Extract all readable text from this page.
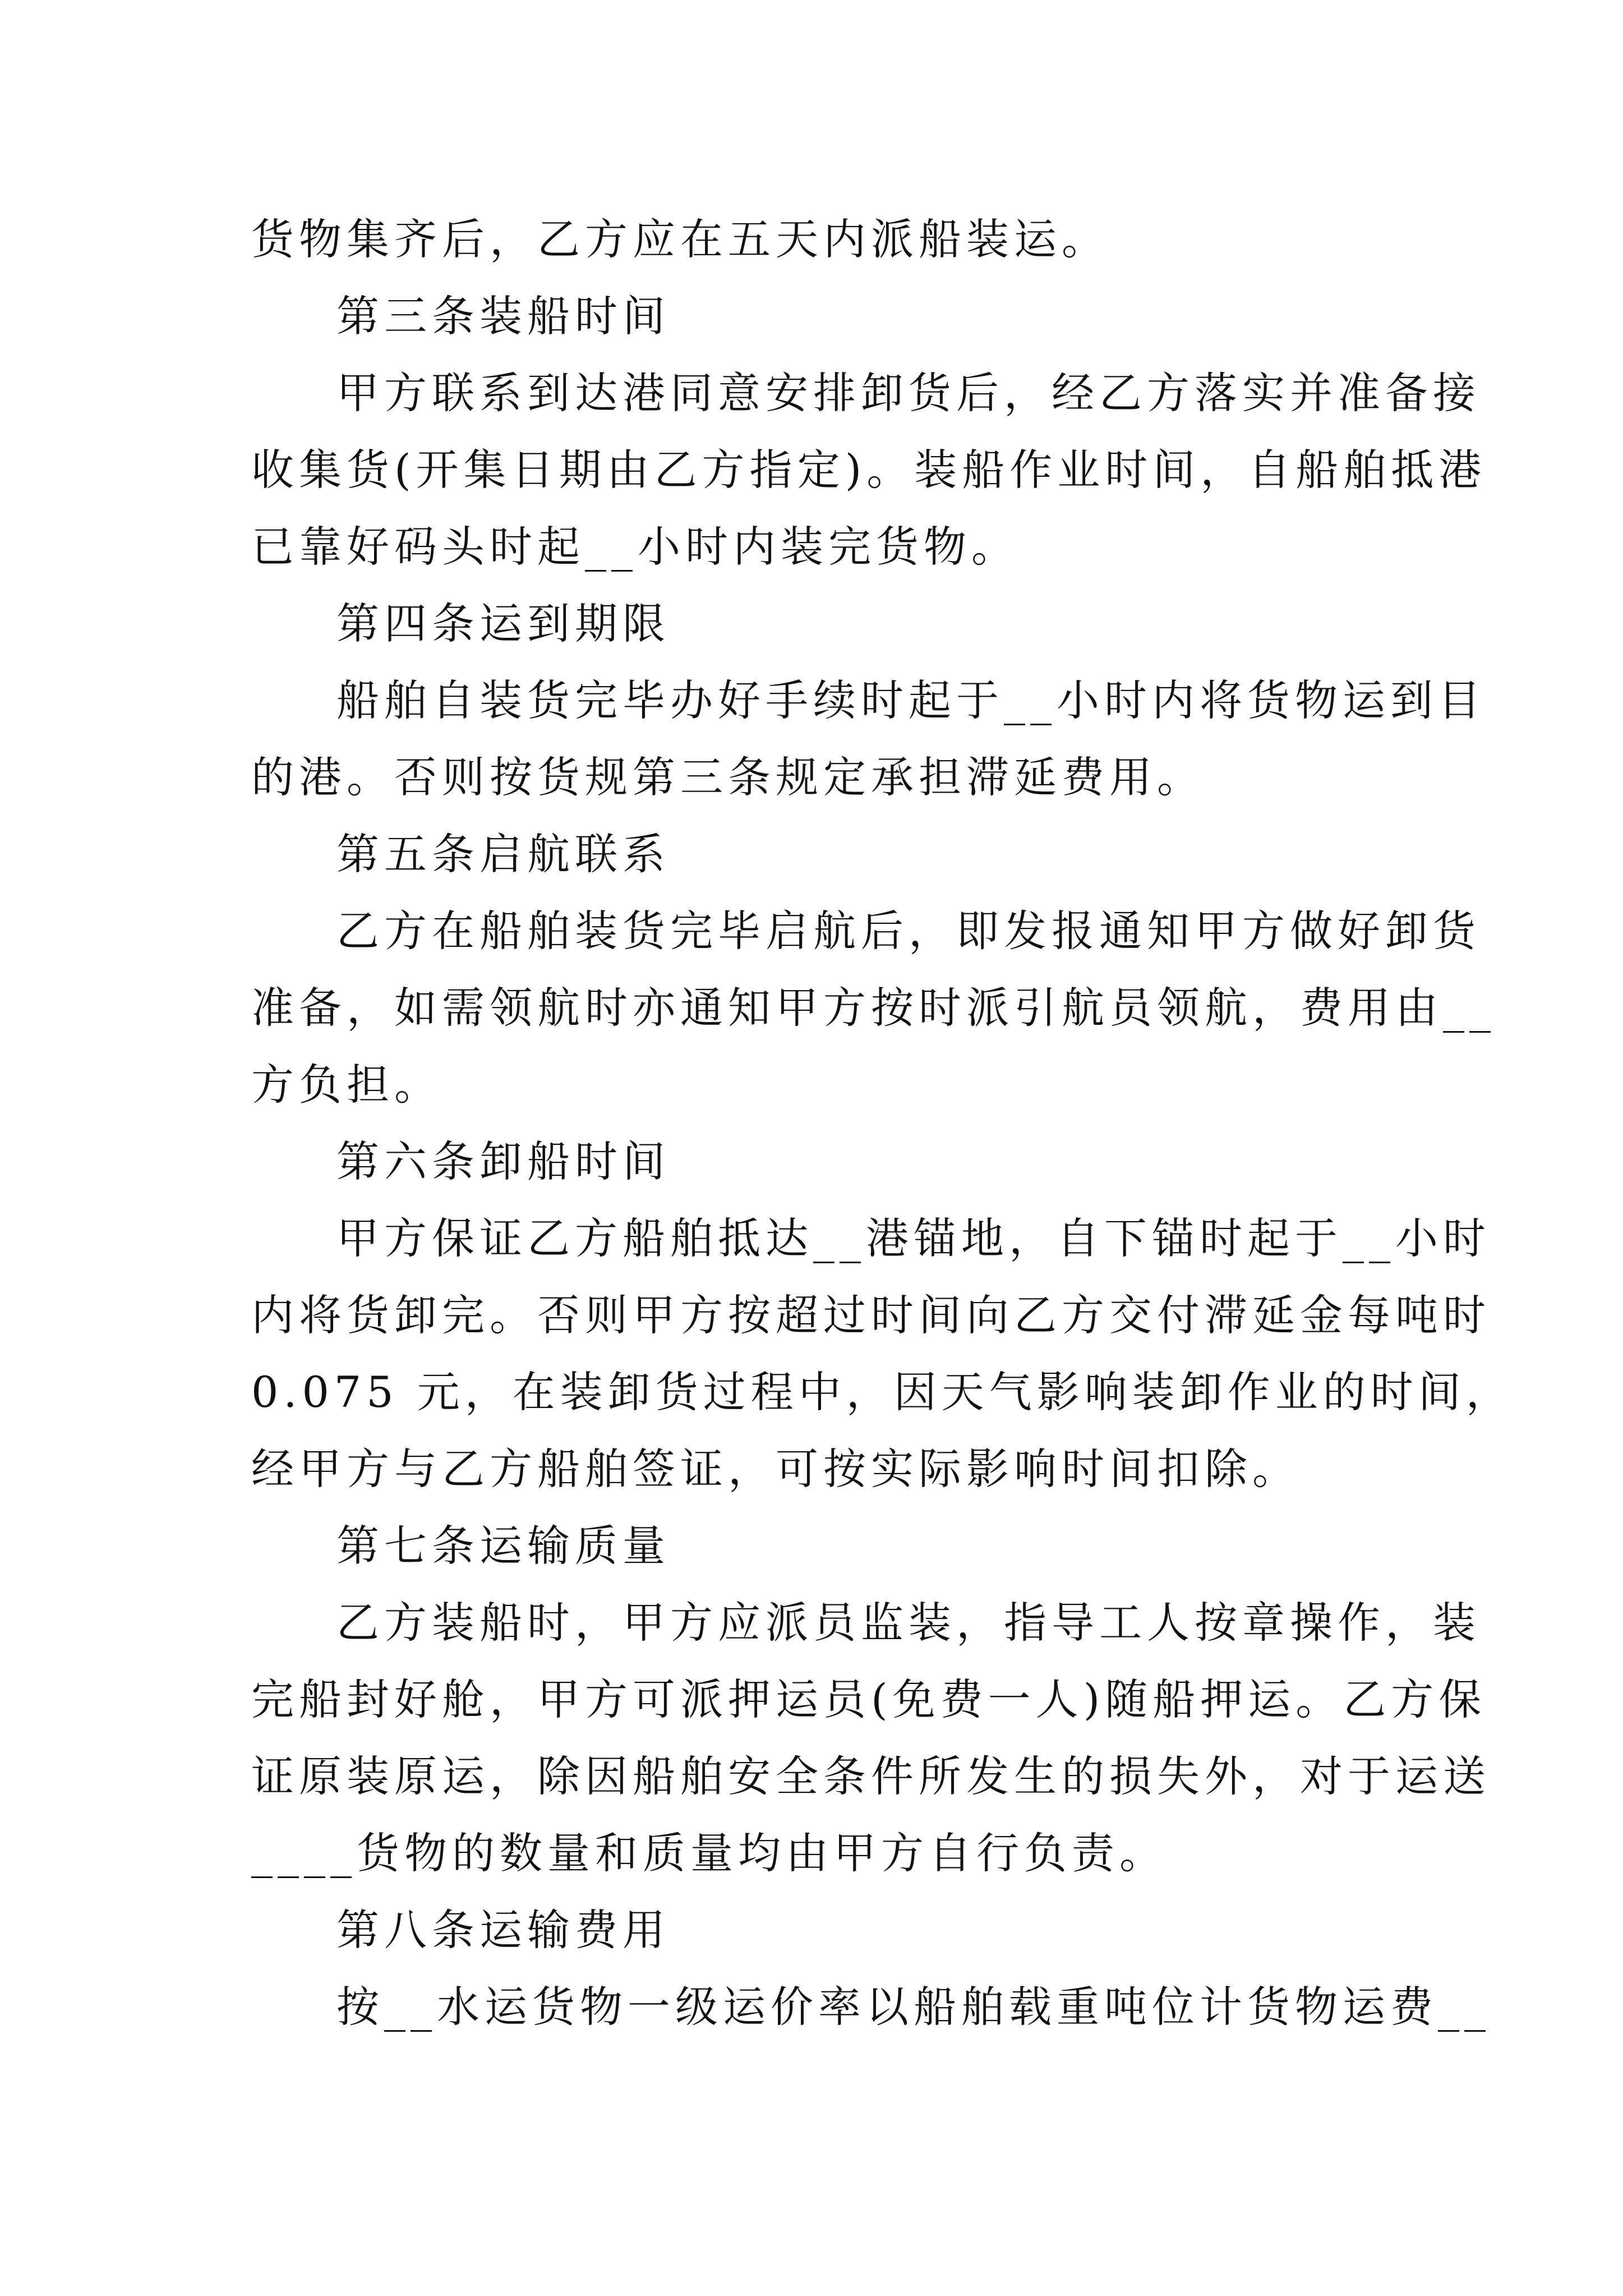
货物集齐后，乙方应在五天内派船装运。
第三条装船时间
甲方联系到达港同意安排卸货后，经乙方落实并准备接
收集货(开集日期由乙方指定)。装船作业时间，自船舶抵港
已靠好码头时起__小时内装完货物。
第四条运到期限
船舶自装货完毕办好手续时起于__小时内将货物运到目
的港。否则按货规第三条规定承担滞延费用。
第五条启航联系
乙方在船舶装货完毕启航后，即发报通知甲方做好卸货
准备，如需领航时亦通知甲方按时派引航员领航，费用由__
方负担。
第六条卸船时间
甲方保证乙方船舶抵达__港锚地，自下锚时起于__小时
内将货卸完。否则甲方按超过时间向乙方交付滞延金每吨时
0.075 元，在装卸货过程中，因天气影响装卸作业的时间，
经甲方与乙方船舶签证，可按实际影响时间扣除。
第七条运输质量
乙方装船时，甲方应派员监装，指导工人按章操作，装
完船封好舱，甲方可派押运员(免费一人)随船押运。乙方保
证原装原运，除因船舶安全条件所发生的损失外，对于运送
____货物的数量和质量均由甲方自行负责。
第八条运输费用
按__水运货物一级运价率以船舶载重吨位计货物运费__
